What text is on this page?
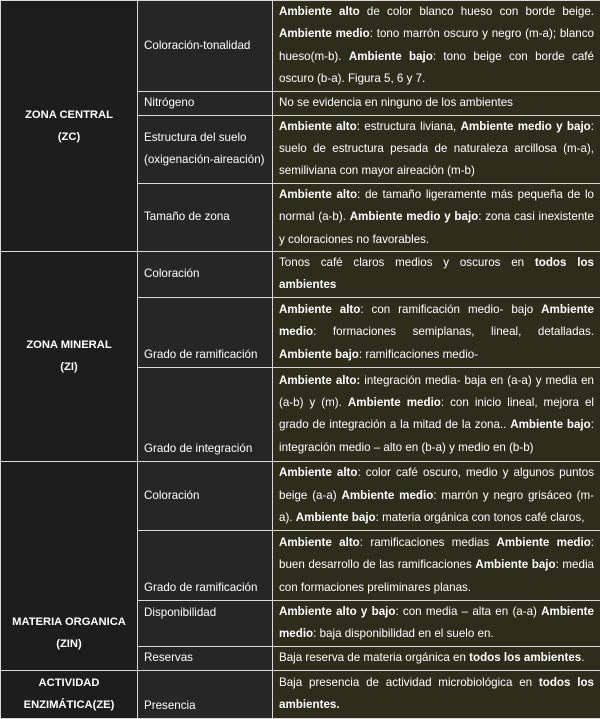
ZONA CENTRAL
(ZC)	Coloración-tonalidad	Ambiente alto de color blanco hueso con borde beige. Ambiente medio: tono marrón oscuro y negro (m-a); blanco hueso(m-b). Ambiente bajo: tono beige con borde café oscuro (b-a). Figura 5, 6 y 7.
	Nitrógeno	No se evidencia en ninguno de los ambientes
	Estructura del suelo (oxigenación-aireación)	Ambiente alto: estructura liviana, Ambiente medio y bajo: suelo de estructura pesada de naturaleza arcillosa (m-a), semiliviana con mayor aireación (m-b)
	Tamaño de zona	Ambiente alto: de tamaño ligeramente más pequeña de lo normal (a-b). Ambiente medio y bajo: zona casi inexistente y coloraciones no favorables.

ZONA MINERAL
(ZI)	Coloración	Tonos café claros medios y oscuros en todos los ambientes
	Grado de ramificación	Ambiente alto: con ramificación medio- bajo Ambiente medio: formaciones semiplanas, lineal, detalladas. Ambiente bajo: ramificaciones medio-
	Grado de integración	Ambiente alto: integración media- baja en (a-a) y media en (a-b) y (m). Ambiente medio: con inicio lineal, mejora el grado de integración a la mitad de la zona.. Ambiente bajo: integración medio – alto en (b-a) y medio en (b-b)

MATERIA ORGANICA
(ZIN)	Coloración	Ambiente alto: color café oscuro, medio y algunos puntos beige (a-a) Ambiente medio: marrón y negro grisáceo (m-a). Ambiente bajo: materia orgánica con tonos café claros,
	Grado de ramificación	Ambiente alto: ramificaciones medias Ambiente medio: buen desarrollo de las ramificaciones Ambiente bajo: media con formaciones preliminares planas.
	Disponibilidad	Ambiente alto y bajo: con media – alta en (a-a) Ambiente medio: baja disponibilidad en el suelo en.
	Reservas	Baja reserva de materia orgánica en todos los ambientes.

ACTIVIDAD
ENZIMÁTICA(ZE)	Presencia	Baja presencia de actividad microbiológica en todos los ambientes.
